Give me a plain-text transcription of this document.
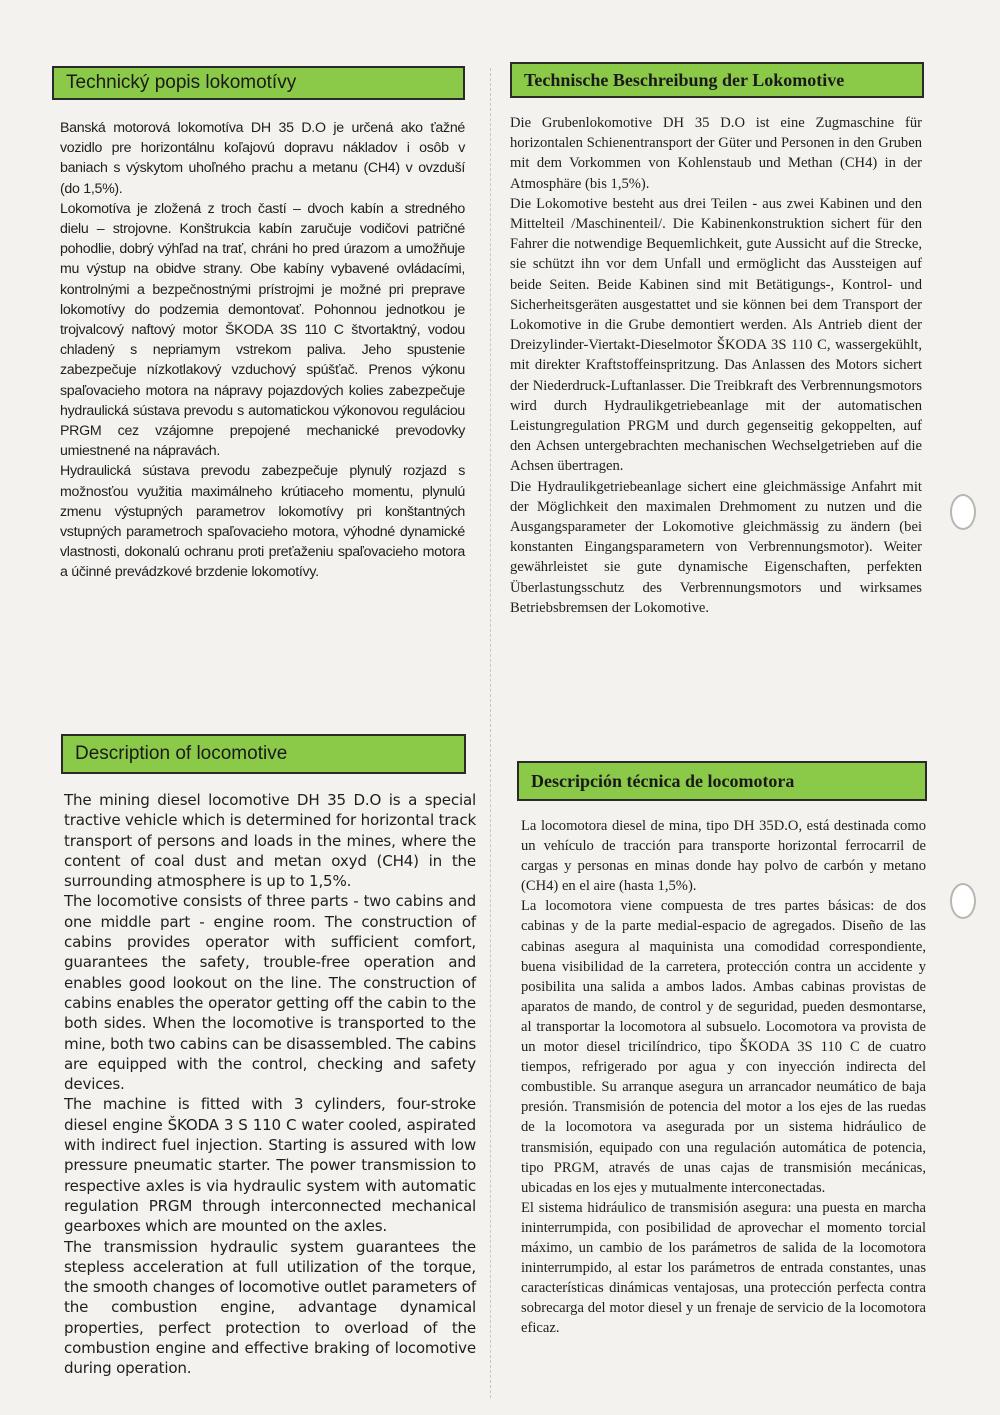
Technický popis lokomotívy

Banská motorová lokomotíva DH 35 D.O je určená ako ťažné vozidlo pre horizontálnu koľajovú dopravu nákladov i osôb v baniach s výskytom uhoľného prachu a metanu (CH4) v ovzduší (do 1,5%).

Lokomotíva je zložená z troch častí – dvoch kabín a stredného dielu – strojovne. Konštrukcia kabín zaručuje vodičovi patričné pohodlie, dobrý výhľad na trať, chráni ho pred úrazom a umožňuje mu výstup na obidve strany. Obe kabíny vybavené ovládacími, kontrolnými a bezpečnostnými prístrojmi je možné pri preprave lokomotívy do podzemia demontovať. Pohonnou jednotkou je trojvalcový naftový motor ŠKODA 3S 110 C štvortaktný, vodou chladený s nepriamym vstrekom paliva. Jeho spustenie zabezpečuje nízkotlakový vzduchový spúšťač. Prenos výkonu spaľovacieho motora na nápravy pojazdových kolies zabezpečuje hydraulická sústava prevodu s automatickou výkonovou reguláciou PRGM cez vzájomne prepojené mechanické prevodovky umiestnené na nápravách.

Hydraulická sústava prevodu zabezpečuje plynulý rozjazd s možnosťou využitia maximálneho krútiaceho momentu, plynulú zmenu výstupných parametrov lokomotívy pri konštantných vstupných parametroch spaľovacieho motora, výhodné dynamické vlastnosti, dokonalú ochranu proti preťaženiu spaľovacieho motora a účinné prevádzkové brzdenie lokomotívy.

Technische Beschreibung der Lokomotive

Die Grubenlokomotive DH 35 D.O ist eine Zugmaschine für horizontalen Schienentransport der Güter und Personen in den Gruben mit dem Vorkommen von Kohlenstaub und Methan (CH4) in der Atmosphäre (bis 1,5%).

Die Lokomotive besteht aus drei Teilen - aus zwei Kabinen und den Mittelteil /Maschinenteil/. Die Kabinenkonstruktion sichert für den Fahrer die notwendige Bequemlichkeit, gute Aussicht auf die Strecke, sie schützt ihn vor dem Unfall und ermöglicht das Aussteigen auf beide Seiten. Beide Kabinen sind mit Betätigungs-, Kontrol- und Sicherheitsgeräten ausgestattet und sie können bei dem Transport der Lokomotive in die Grube demontiert werden. Als Antrieb dient der Dreizylinder-Viertakt-Dieselmotor ŠKODA 3S 110 C, wassergekühlt, mit direkter Kraftstoffeinspritzung. Das Anlassen des Motors sichert der Niederdruck-Luftanlasser. Die Treibkraft des Verbrennungsmotors wird durch Hydraulikgetriebeanlage mit der automatischen Leistungregulation PRGM und durch gegenseitig gekoppelten, auf den Achsen untergebrachten mechanischen Wechselgetrieben auf die Achsen übertragen.

Die Hydraulikgetriebeanlage sichert eine gleichmässige Anfahrt mit der Möglichkeit den maximalen Drehmoment zu nutzen und die Ausgangsparameter der Lokomotive gleichmässig zu ändern (bei konstanten Eingangsparametern von Verbrennungsmotor). Weiter gewährleistet sie gute dynamische Eigenschaften, perfekten Überlastungsschutz des Verbrennungsmotors und wirksames Betriebsbremsen der Lokomotive.

Description of locomotive

The mining diesel locomotive DH 35 D.O is a special tractive vehicle which is determined for horizontal track transport of persons and loads in the mines, where the content of coal dust and metan oxyd (CH4) in the surrounding atmosphere is up to 1,5%.

The locomotive consists of three parts - two cabins and one middle part - engine room. The construction of cabins provides operator with sufficient comfort, guarantees the safety, trouble-free operation and enables good lookout on the line. The construction of cabins enables the operator getting off the cabin to the both sides. When the locomotive is transported to the mine, both two cabins can be disassembled. The cabins are equipped with the control, checking and safety devices.

The machine is fitted with 3 cylinders, four-stroke diesel engine ŠKODA 3 S 110 C water cooled, aspirated with indirect fuel injection. Starting is assured with low pressure pneumatic starter. The power transmission to respective axles is via hydraulic system with automatic regulation PRGM through interconnected mechanical gearboxes which are mounted on the axles.

The transmission hydraulic system guarantees the stepless acceleration at full utilization of the torque, the smooth changes of locomotive outlet parameters of the combustion engine, advantage dynamical properties, perfect protection to overload of the combustion engine and effective braking of locomotive during operation.

Descripción técnica de locomotora

La locomotora diesel de mina, tipo DH 35D.O, está destinada como un vehículo de tracción para transporte horizontal ferrocarril de cargas y personas en minas donde hay polvo de carbón y metano (CH4) en el aire (hasta 1,5%).

La locomotora viene compuesta de tres partes básicas: de dos cabinas y de la parte medial-espacio de agregados. Diseño de las cabinas asegura al maquinista una comodidad correspondiente, buena visibilidad de la carretera, protección contra un accidente y posibilita una salida a ambos lados. Ambas cabinas provistas de aparatos de mando, de control y de seguridad, pueden desmontarse, al transportar la locomotora al subsuelo. Locomotora va provista de un motor diesel tricilíndrico, tipo ŠKODA 3S 110 C de cuatro tiempos, refrigerado por agua y con inyección indirecta del combustible. Su arranque asegura un arrancador neumático de baja presión. Transmisión de potencia del motor a los ejes de las ruedas de la locomotora va asegurada por un sistema hidráulico de transmisión, equipado con una regulación automática de potencia, tipo PRGM, através de unas cajas de transmisión mecánicas, ubicadas en los ejes y mutualmente interconectadas.

El sistema hidráulico de transmisión asegura: una puesta en marcha ininterrumpida, con posibilidad de aprovechar el momento torcial máximo, un cambio de los parámetros de salida de la locomotora ininterrumpido, al estar los parámetros de entrada constantes, unas características dinámicas ventajosas, una protección perfecta contra sobrecarga del motor diesel y un frenaje de servicio de la locomotora eficaz.
